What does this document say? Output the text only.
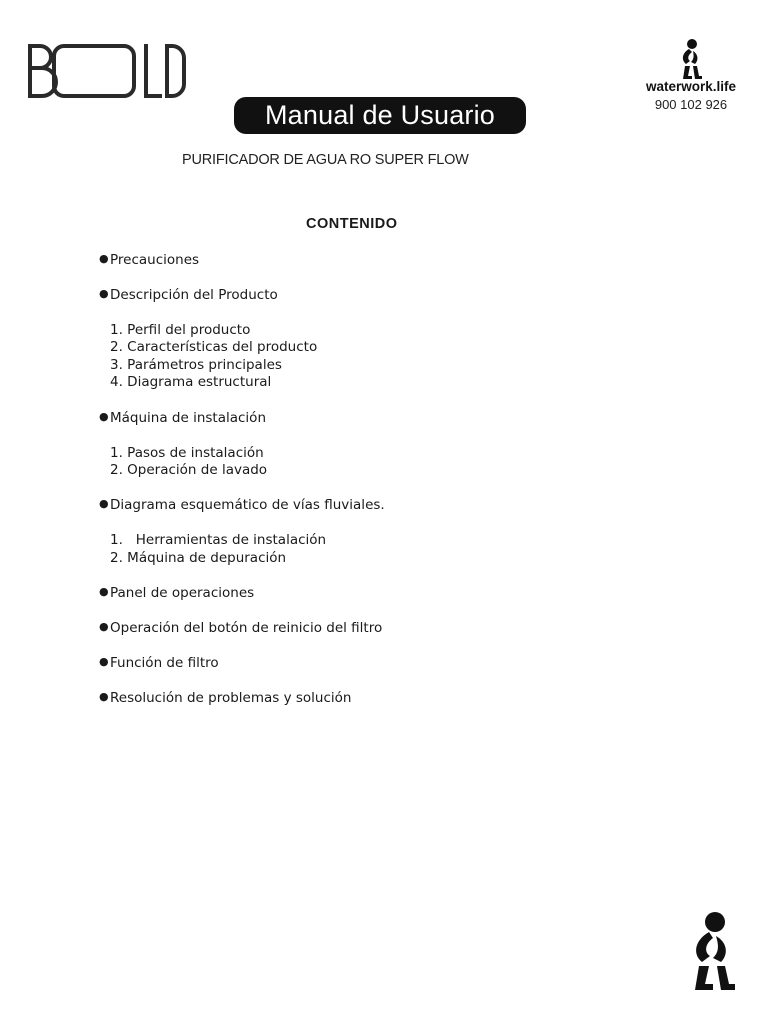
Manual de Usuario
PURIFICADOR DE AGUA RO SUPER FLOW
waterwork.life
900 102 926
CONTENIDO
● Precauciones
● Descripción del Producto
1. Perfil del producto
2. Características del producto
3. Parámetros principales
4. Diagrama estructural
● Máquina de instalación
1. Pasos de instalación
2. Operación de lavado
● Diagrama esquemático de vías fluviales.
1.   Herramientas de instalación
2. Máquina de depuración
● Panel de operaciones
● Operación del botón de reinicio del filtro
● Función de filtro
● Resolución de problemas y solución
